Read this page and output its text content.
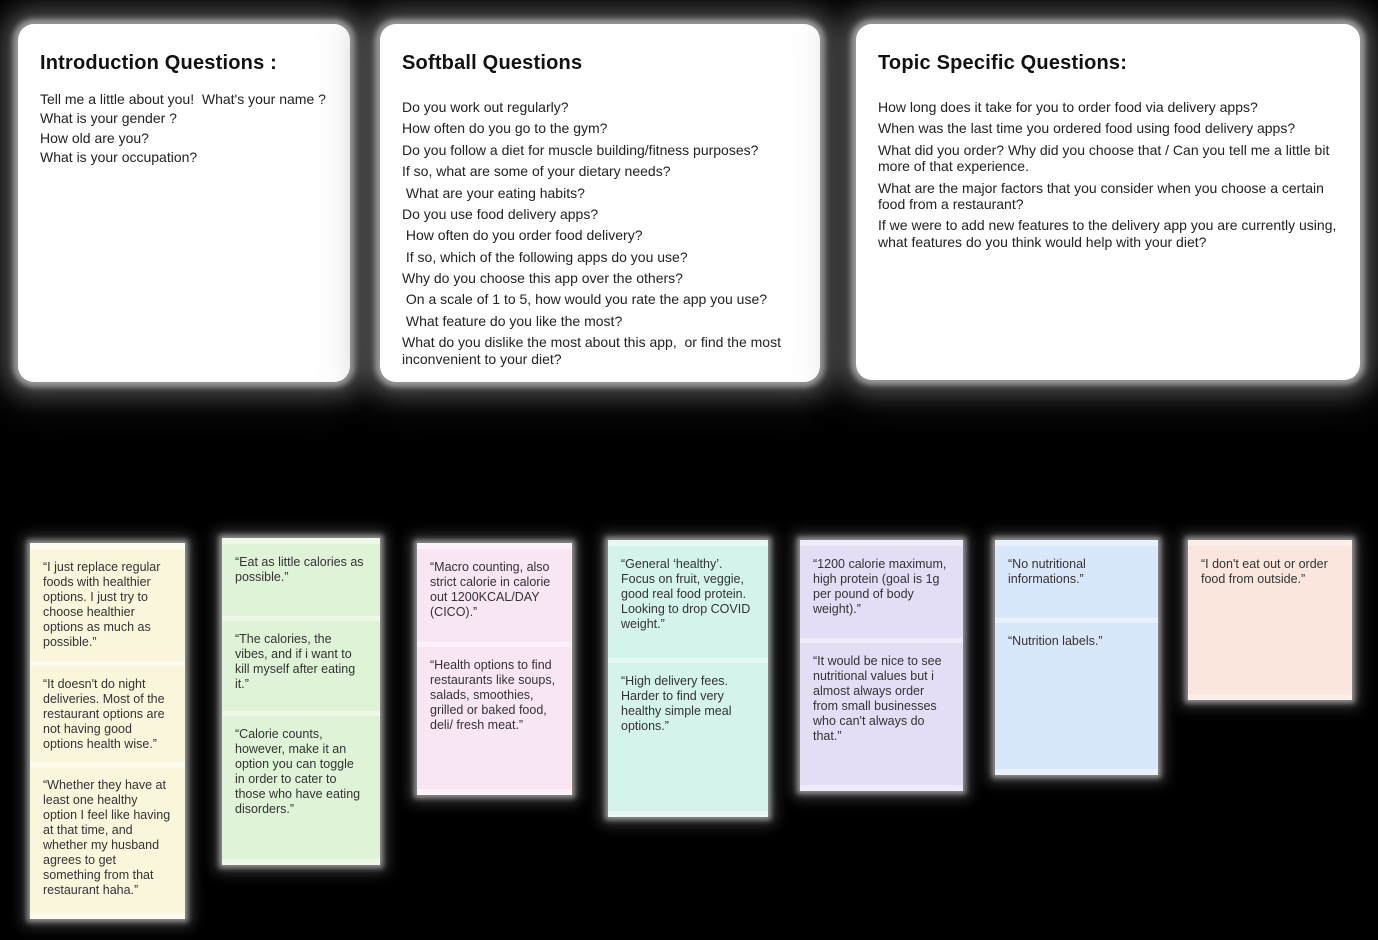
Introduction Questions :

Tell me a little about you!  What's your name ?

What is your gender ?

How old are you?

What is your occupation?

Softball Questions

Do you work out regularly?

How often do you go to the gym?

Do you follow a diet for muscle building/fitness purposes?

If so, what are some of your dietary needs?

What are your eating habits?

Do you use food delivery apps?

How often do you order food delivery?

If so, which of the following apps do you use?

Why do you choose this app over the others?

On a scale of 1 to 5, how would you rate the app you use?

What feature do you like the most?

What do you dislike the most about this app,  or find the most inconvenient to your diet?

Topic Specific Questions:

How long does it take for you to order food via delivery apps?

When was the last time you ordered food using food delivery apps?

What did you order? Why did you choose that / Can you tell me a little bit  more of that experience.

What are the major factors that you consider when you choose a certain food from a restaurant?

If we were to add new features to the delivery app you are currently using, what features do you think would help with your diet?

“I just replace regular foods with healthier options. I just try to choose healthier options as much as possible.”
“It doesn't do night deliveries. Most of the restaurant options are not having good options health wise.”
“Whether they have at least one healthy option I feel like having at that time, and whether my husband agrees to get something from that restaurant haha.”
“Eat as little calories as possible.”
“The calories, the vibes, and if i want to kill myself after eating it.”
“Calorie counts, however, make it an option you can toggle in order to cater to those who have eating disorders.”
“Macro counting, also strict calorie in calorie out 1200KCAL/DAY (CICO).”
“Health options to find restaurants like soups, salads, smoothies, grilled or baked food, deli/ fresh meat.”
“General ‘healthy’. Focus on fruit, veggie, good real food protein. Looking to drop COVID weight.”
“High delivery fees. Harder to find very healthy simple meal options.”
“1200 calorie maximum, high protein (goal is 1g per pound of body weight).”
“It would be nice to see nutritional values but i almost always order from small businesses who can't always do that.”
“No nutritional informations.”
“Nutrition labels.”
“I don't eat out or order food from outside.”
